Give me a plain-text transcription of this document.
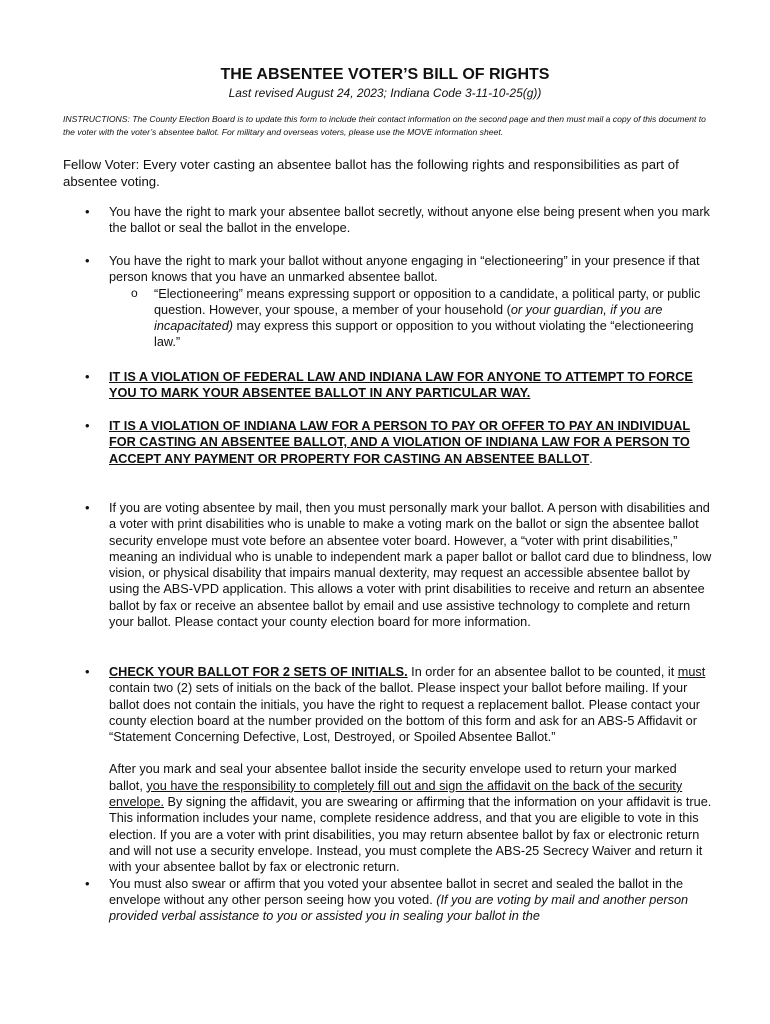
THE ABSENTEE VOTER’S BILL OF RIGHTS
Last revised August 24, 2023; Indiana Code 3-11-10-25(g))
INSTRUCTIONS: The County Election Board is to update this form to include their contact information on the second page and then must mail a copy of this document to the voter with the voter’s absentee ballot. For military and overseas voters, please use the MOVE information sheet.
Fellow Voter: Every voter casting an absentee ballot has the following rights and responsibilities as part of absentee voting.
• You have the right to mark your absentee ballot secretly, without anyone else being present when you mark the ballot or seal the ballot in the envelope.
• You have the right to mark your ballot without anyone engaging in “electioneering” in your presence if that person knows that you have an unmarked absentee ballot.
o “Electioneering” means expressing support or opposition to a candidate, a political party, or public question. However, your spouse, a member of your household (or your guardian, if you are incapacitated) may express this support or opposition to you without violating the “electioneering law.”
• IT IS A VIOLATION OF FEDERAL LAW AND INDIANA LAW FOR ANYONE TO ATTEMPT TO FORCE YOU TO MARK YOUR ABSENTEE BALLOT IN ANY PARTICULAR WAY.
• IT IS A VIOLATION OF INDIANA LAW FOR A PERSON TO PAY OR OFFER TO PAY AN INDIVIDUAL FOR CASTING AN ABSENTEE BALLOT, AND A VIOLATION OF INDIANA LAW FOR A PERSON TO ACCEPT ANY PAYMENT OR PROPERTY FOR CASTING AN ABSENTEE BALLOT.
• If you are voting absentee by mail, then you must personally mark your ballot. A person with disabilities and a voter with print disabilities who is unable to make a voting mark on the ballot or sign the absentee ballot security envelope must vote before an absentee voter board. However, a “voter with print disabilities,” meaning an individual who is unable to independent mark a paper ballot or ballot card due to blindness, low vision, or physical disability that impairs manual dexterity, may request an accessible absentee ballot by using the ABS-VPD application. This allows a voter with print disabilities to receive and return an absentee ballot by fax or receive an absentee ballot by email and use assistive technology to complete and return your ballot. Please contact your county election board for more information.
• CHECK YOUR BALLOT FOR 2 SETS OF INITIALS. In order for an absentee ballot to be counted, it must contain two (2) sets of initials on the back of the ballot. Please inspect your ballot before mailing. If your ballot does not contain the initials, you have the right to request a replacement ballot. Please contact your county election board at the number provided on the bottom of this form and ask for an ABS-5 Affidavit or “Statement Concerning Defective, Lost, Destroyed, or Spoiled Absentee Ballot.”
After you mark and seal your absentee ballot inside the security envelope used to return your marked ballot, you have the responsibility to completely fill out and sign the affidavit on the back of the security envelope. By signing the affidavit, you are swearing or affirming that the information on your affidavit is true. This information includes your name, complete residence address, and that you are eligible to vote in this election. If you are a voter with print disabilities, you may return absentee ballot by fax or electronic return and will not use a security envelope. Instead, you must complete the ABS-25 Secrecy Waiver and return it with your absentee ballot by fax or electronic return.
• You must also swear or affirm that you voted your absentee ballot in secret and sealed the ballot in the envelope without any other person seeing how you voted. (If you are voting by mail and another person provided verbal assistance to you or assisted you in sealing your ballot in the
